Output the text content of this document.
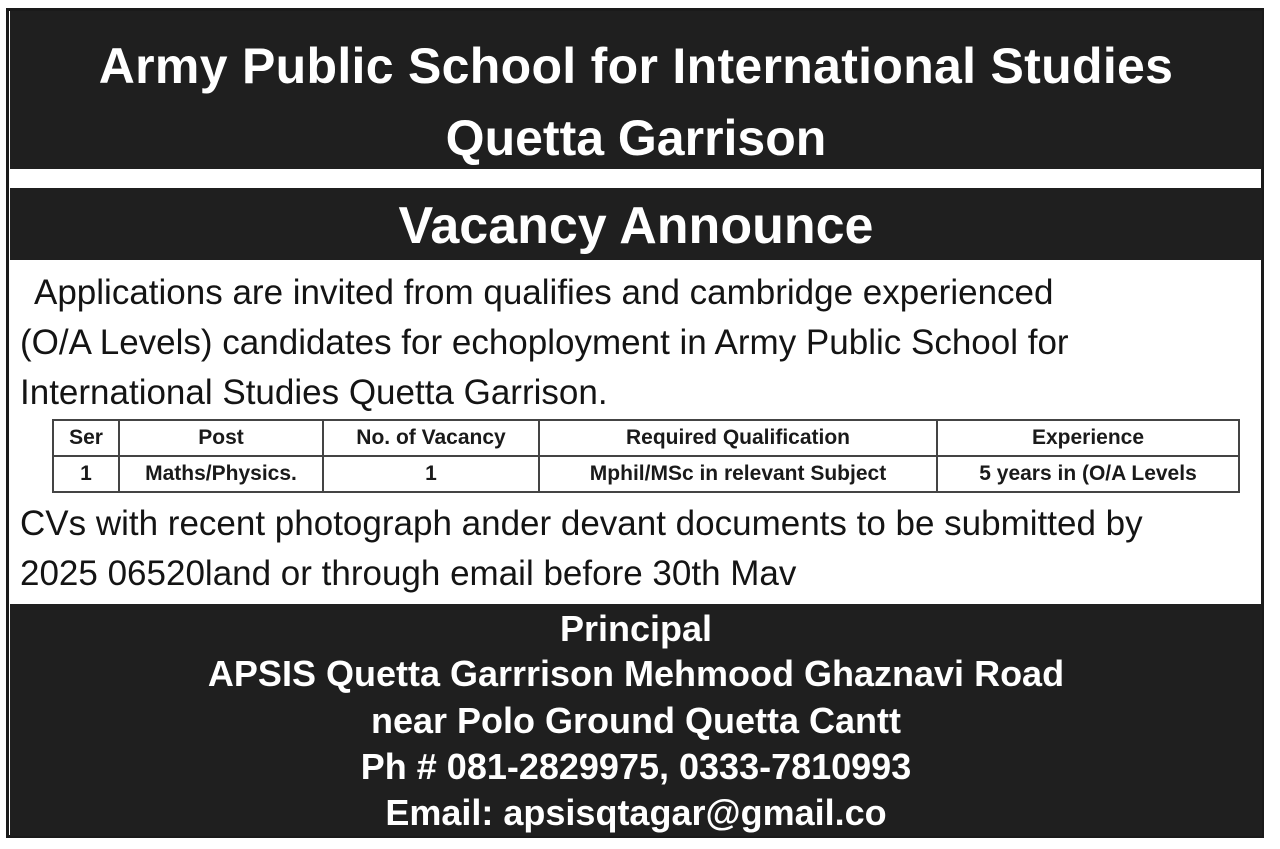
Army Public School for International Studies
Quetta Garrison
Vacancy Announce
Applications are invited from qualifies and cambridge experienced
(O/A Levels) candidates for echoployment in Army Public School for
International Studies Quetta Garrison.
Ser	Post	No. of Vacancy	Required Qualification	Experience
1	Maths/Physics.	1	Mphil/MSc in relevant Subject	5 years in (O/A Levels
CVs with recent photograph ander devant documents to be submitted by
2025 06520land or through email before 30th Mav
Principal
APSIS Quetta Garrrison Mehmood Ghaznavi Road
near Polo Ground Quetta Cantt
Ph # 081-2829975, 0333-7810993
Email: apsisqtagar@gmail.co
